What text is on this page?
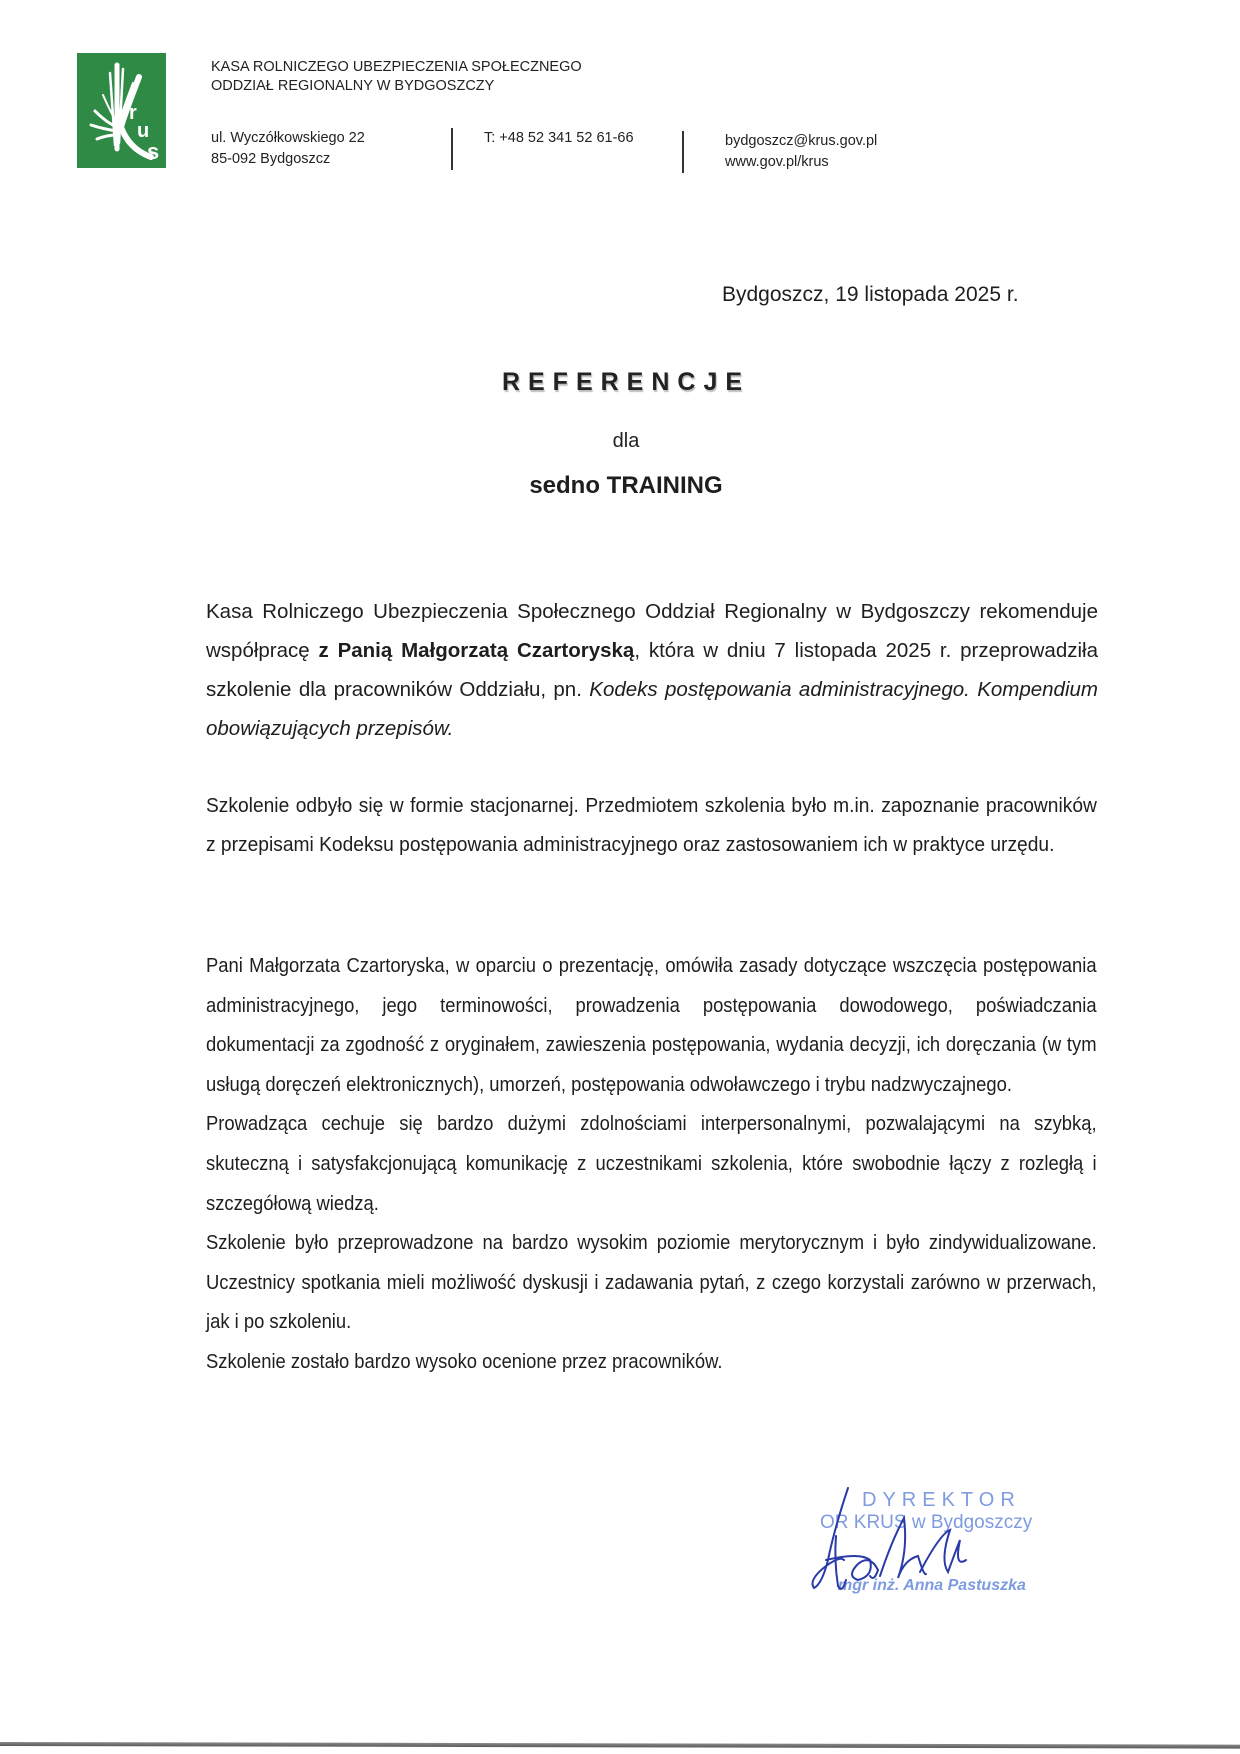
r
u
s
KASA ROLNICZEGO UBEZPIECZENIA SPOŁECZNEGO
ODDZIAŁ REGIONALNY W BYDGOSZCZY
ul. Wyczółkowskiego 22
85-092 Bydgoszcz
T: +48 52 341 52 61-66	bydgoszcz@krus.gov.pl
www.gov.pl/krus
Bydgoszcz, 19 listopada 2025 r.
REFERENCJE
dla
sedno TRAINING
Kasa Rolniczego Ubezpieczenia Społecznego Oddział Regionalny w Bydgoszczy rekomenduje współpracę z Panią Małgorzatą Czartoryską, która w dniu 7 listopada 2025 r. przeprowadziła szkolenie dla pracowników Oddziału, pn. Kodeks postępowania administracyjnego. Kompendium obowiązujących przepisów.
Szkolenie odbyło się w formie stacjonarnej. Przedmiotem szkolenia było m.in. zapoznanie pracowników z przepisami Kodeksu postępowania administracyjnego oraz zastosowaniem ich w praktyce urzędu.

Pani Małgorzata Czartoryska, w oparciu o prezentację, omówiła zasady dotyczące wszczęcia postępowania administracyjnego, jego terminowości, prowadzenia postępowania dowodowego, poświadczania dokumentacji za zgodność z oryginałem, zawieszenia postępowania, wydania decyzji, ich doręczania (w tym usługą doręczeń elektronicznych), umorzeń, postępowania odwoławczego i trybu nadzwyczajnego.

Prowadząca cechuje się bardzo dużymi zdolnościami interpersonalnymi, pozwalającymi na szybką, skuteczną i satysfakcjonującą komunikację z uczestnikami szkolenia, które swobodnie łączy z rozległą i szczegółową wiedzą.

Szkolenie było przeprowadzone na bardzo wysokim poziomie merytorycznym i było zindywidualizowane. Uczestnicy spotkania mieli możliwość dyskusji i zadawania pytań, z czego korzystali zarówno w przerwach, jak i po szkoleniu.

Szkolenie zostało bardzo wysoko ocenione przez pracowników.

DYREKTOR
OR KRUS w Bydgoszczy
mgr inż. Anna Pastuszka
